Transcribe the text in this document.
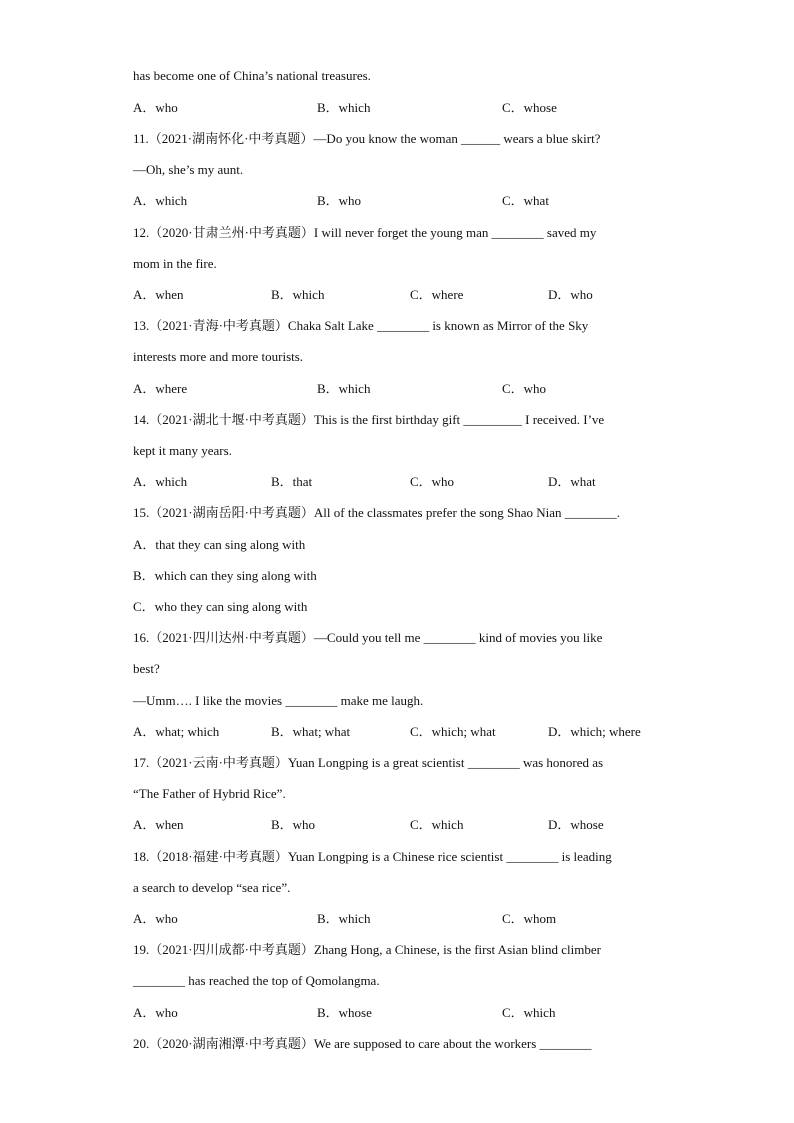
has become one of China’s national treasures.
A．who	B．which	C．whose
11.（2021·湖南怀化·中考真题）—Do you know the woman ______ wears a blue skirt?
—Oh, she’s my aunt.
A．which	B．who	C．what
12.（2020·甘肃兰州·中考真题）I will never forget the young man ________ saved my
mom in the fire.
A．when	B．which	C．where	D．who
13.（2021·青海·中考真题）Chaka Salt Lake ________ is known as Mirror of the Sky
interests more and more tourists.
A．where	B．which	C．who
14.（2021·湖北十堰·中考真题）This is the first birthday gift _________ I received. I’ve
kept it many years.
A．which	B．that	C．who	D．what
15.（2021·湖南岳阳·中考真题）All of the classmates prefer the song Shao Nian ________.
A．that they can sing along with
B．which can they sing along with
C．who they can sing along with
16.（2021·四川达州·中考真题）—Could you tell me ________ kind of movies you like
best?
—Umm…. I like the movies ________ make me laugh.
A．what; which	B．what; what	C．which; what	D．which; where
17.（2021·云南·中考真题）Yuan Longping is a great scientist ________ was honored as
“The Father of Hybrid Rice”.
A．when	B．who	C．which	D．whose
18.（2018·福建·中考真题）Yuan Longping is a Chinese rice scientist ________ is leading
a search to develop “sea rice”.
A．who	B．which	C．whom
19.（2021·四川成都·中考真题）Zhang Hong, a Chinese, is the first Asian blind climber
________ has reached the top of Qomolangma.
A．who	B．whose	C．which
20.（2020·湖南湘潭·中考真题）We are supposed to care about the workers ________
